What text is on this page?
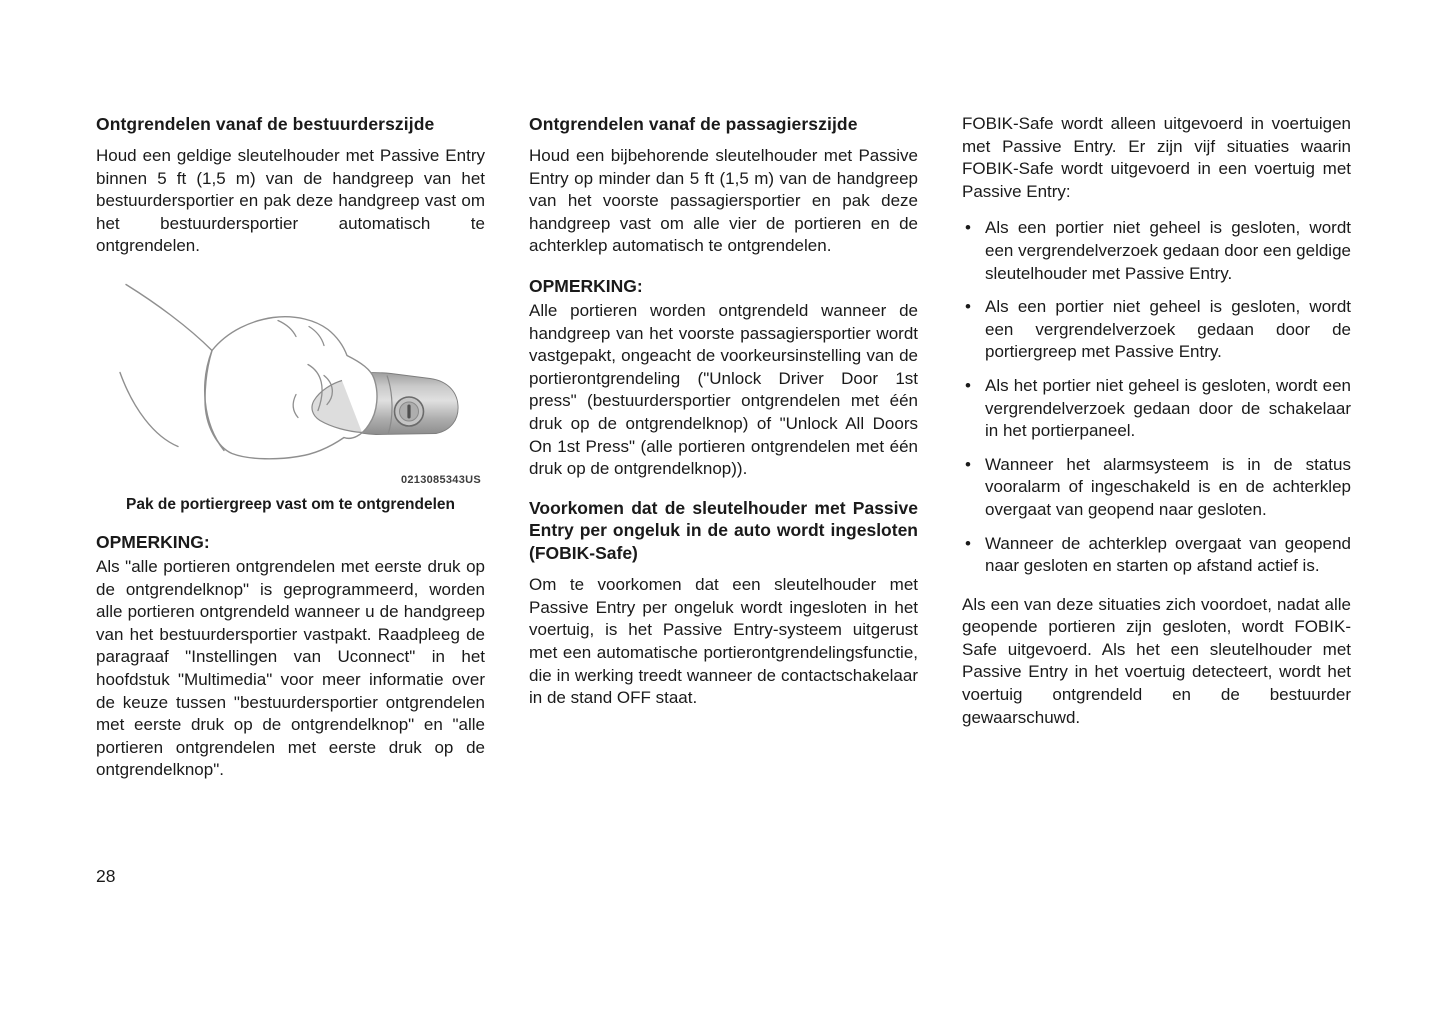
Ontgrendelen vanaf de bestuurderszijde

Houd een geldige sleutelhouder met Passive Entry binnen 5 ft (1,5 m) van de handgreep van het bestuurdersportier en pak deze handgreep vast om het bestuurdersportier automatisch te ontgrendelen.

0213085343US
Pak de portiergreep vast om te ontgrendelen
OPMERKING:

Als "alle portieren ontgrendelen met eerste druk op de ontgrendelknop" is geprogrammeerd, worden alle portieren ontgrendeld wanneer u de handgreep van het bestuurdersportier vastpakt. Raadpleeg de paragraaf "Instellingen van Uconnect" in het hoofdstuk "Multimedia" voor meer informatie over de keuze tussen "bestuurdersportier ontgrendelen met eerste druk op de ontgrendelknop" en "alle portieren ontgrendelen met eerste druk op de ontgrendelknop".

Ontgrendelen vanaf de passagierszijde

Houd een bijbehorende sleutelhouder met Passive Entry op minder dan 5 ft (1,5 m) van de handgreep van het voorste passagiersportier en pak deze handgreep vast om alle vier de portieren en de achterklep automatisch te ontgrendelen.

OPMERKING:

Alle portieren worden ontgrendeld wanneer de handgreep van het voorste passagiersportier wordt vastgepakt, ongeacht de voorkeursinstelling van de portierontgrendeling ("Unlock Driver Door 1st press" (bestuurdersportier ontgrendelen met één druk op de ontgrendelknop) of "Unlock All Doors On 1st Press" (alle portieren ontgrendelen met één druk op de ontgrendelknop)).

Voorkomen dat de sleutelhouder met Passive Entry per ongeluk in de auto wordt ingesloten (FOBIK-Safe)

Om te voorkomen dat een sleutelhouder met Passive Entry per ongeluk wordt ingesloten in het voertuig, is het Passive Entry-systeem uitgerust met een automatische portierontgrendelingsfunctie, die in werking treedt wanneer de contactschakelaar in de stand OFF staat.

FOBIK-Safe wordt alleen uitgevoerd in voertuigen met Passive Entry. Er zijn vijf situaties waarin FOBIK-Safe wordt uitgevoerd in een voertuig met Passive Entry:

• Als een portier niet geheel is gesloten, wordt een vergrendelverzoek gedaan door een geldige sleutelhouder met Passive Entry.
• Als een portier niet geheel is gesloten, wordt een vergrendelverzoek gedaan door de portiergreep met Passive Entry.
• Als het portier niet geheel is gesloten, wordt een vergrendelverzoek gedaan door de schakelaar in het portierpaneel.
• Wanneer het alarmsysteem is in de status vooralarm of ingeschakeld is en de achterklep overgaat van geopend naar gesloten.
• Wanneer de achterklep overgaat van geopend naar gesloten en starten op afstand actief is.

Als een van deze situaties zich voordoet, nadat alle geopende portieren zijn gesloten, wordt FOBIK-Safe uitgevoerd. Als het een sleutelhouder met Passive Entry in het voertuig detecteert, wordt het voertuig ontgrendeld en de bestuurder gewaarschuwd.

28
